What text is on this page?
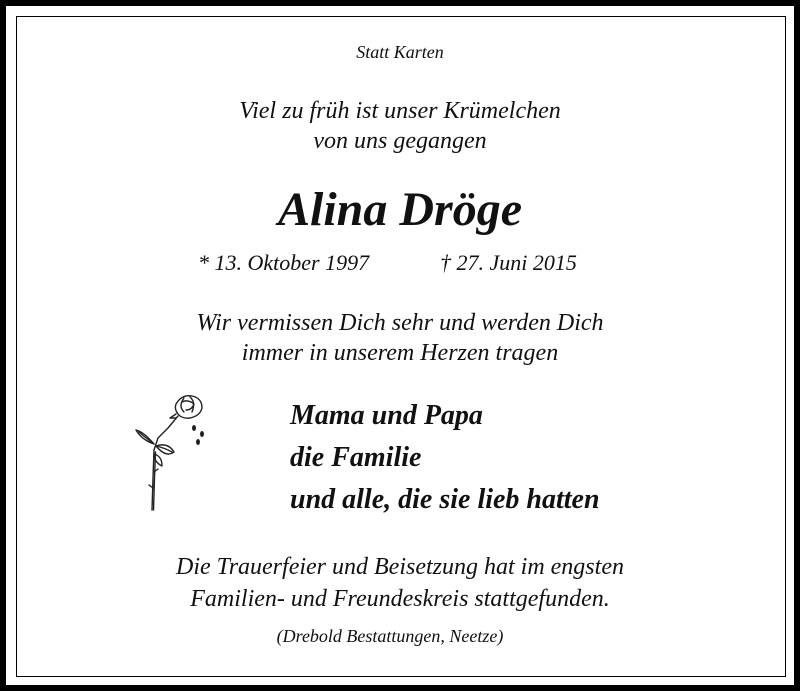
Statt Karten
Viel zu früh ist unser Krümelchen
von uns gegangen
Alina Dröge
* 13. Oktober 1997	† 27. Juni 2015
Wir vermissen Dich sehr und werden Dich
immer in unserem Herzen tragen
Mama und Papa
die Familie
und alle, die sie lieb hatten
Die Trauerfeier und Beisetzung hat im engsten
Familien- und Freundeskreis stattgefunden.
(Drebold Bestattungen, Neetze)
